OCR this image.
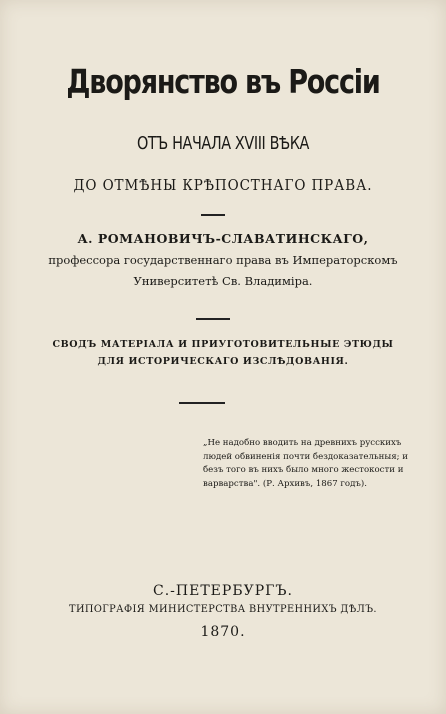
Дворянство въ Россіи
ОТЪ НАЧАЛА XVIII ВѢКА
ДО ОТМѢНЫ КРѢПОСТНАГО ПРАВА.
А. РОМАНОВИЧЪ-СЛАВАТИНСКАГО,
профессора государственнаго права въ Императорскомъ
Университетѣ Св. Владиміра.
СВОДЪ МАТЕРІАЛА И ПРИУГОТОВИТЕЛЬНЫЕ ЭТЮДЫ
ДЛЯ ИСТОРИЧЕСКАГО ИЗСЛѢДОВАНІЯ.
„Не надобно вводить на древнихъ русскихъ
людей обвиненія почти бездоказательныя; и
безъ того въ нихъ было много жестокости и
варварства". (Р. Архивъ, 1867 годъ).
С.-ПЕТЕРБУРГЪ.
ТИПОГРАФІЯ МИНИСТЕРСТВА ВНУТРЕННИХЪ ДѢЛЪ.
1870.
